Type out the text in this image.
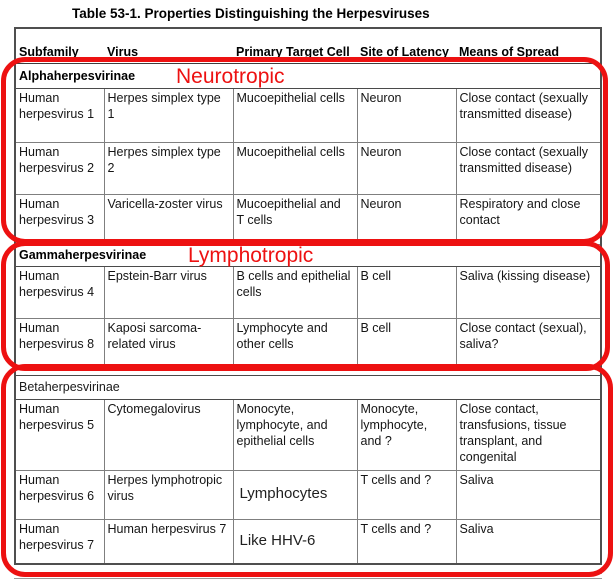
Table 53-1. Properties Distinguishing the Herpesviruses
Subfamily	Virus	Primary Target Cell	Site of Latency	Means of Spread
Alphaherpesvirinae				
Human herpesvirus 1	Herpes simplex type 1	Mucoepithelial cells	Neuron	Close contact (sexually transmitted disease)
Human herpesvirus 2	Herpes simplex type 2	Mucoepithelial cells	Neuron	Close contact (sexually transmitted disease)
Human herpesvirus 3	Varicella-zoster virus	Mucoepithelial and T cells	Neuron	Respiratory and close contact
Gammaherpesvirinae				
Human herpesvirus 4	Epstein-Barr virus	B cells and epithelial cells	B cell	Saliva (kissing disease)
Human herpesvirus 8	Kaposi sarcoma-related virus	Lymphocyte and other cells	B cell	Close contact (sexual), saliva?

Betaherpesvirinae				
Human herpesvirus 5	Cytomegalovirus	Monocyte, lymphocyte, and epithelial cells	Monocyte, lymphocyte, and ?	Close contact, transfusions, tissue transplant, and congenital
Human herpesvirus 6	Herpes lymphotropic virus	Lymphocytes	T cells and ?	Saliva
Human herpesvirus 7	Human herpesvirus 7	Like HHV-6	T cells and ?	Saliva
Neurotropic
Lymphotropic
